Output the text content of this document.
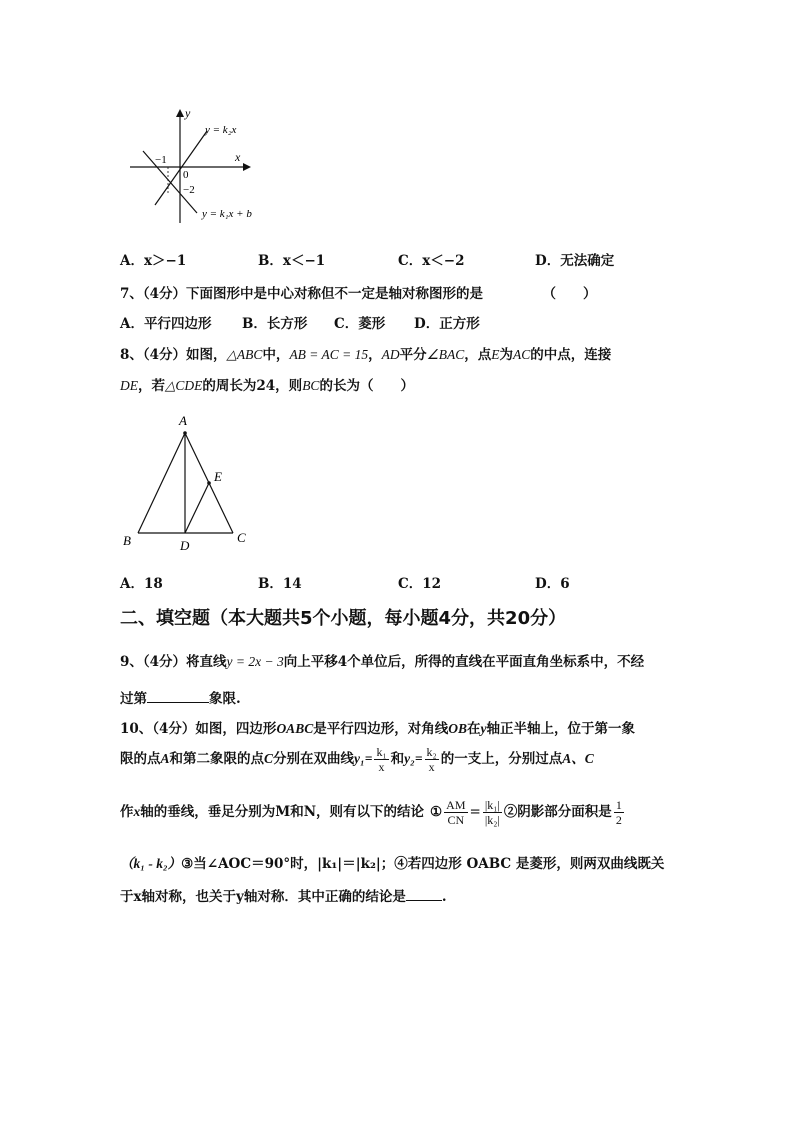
y
x
y = k₂x
y = k₁x + b
−1
0
−2
A．x＞−1	B．x＜−1	C．x＜−2	D．无法确定
7、（4分）下面图形中是中心对称但不一定是轴对称图形的是	（　　）
A．平行四边形 B．长方形 C．菱形 D．正方形
8、（4分）如图，△ABC中，AB = AC = 15，AD平分∠BAC，点E为AC的中点，连接
DE，若△CDE的周长为24，则BC的长为（　　）
A
E
B	D
C
A．18	B．14	C．12	D．6
二、填空题（本大题共5个小题，每小题4分，共20分）
9、（4分）将直线y = 2x − 3向上平移4个单位后，所得的直线在平面直角坐标系中，不经
过第	象限.
10、（4分）如图，四边形OABC是平行四边形，对角线OB在y轴正半轴上，位于第一象
限的点A和第二象限的点C分别在双曲线$y_1= \frac{\text{k₁}}{x}$ 和$y_2= \frac{\text{k₂}}{x}$ 的一支上，分别过点A、C
作x轴的垂线，垂足分别为M和N，则有以下的结论 ① $\frac{AM}{CN} = \frac{\text{|k₁|}}{\text{|k₂|}}$ ②阴影部分面积是 $\frac{1}{2}$
（k₁ - k₂）③当∠AOC＝90°时，|k₁|＝|k₂|；④若四边形 OABC 是菱形，则两双曲线既关
于x轴对称，也关于y轴对称．其中正确的结论是	.
